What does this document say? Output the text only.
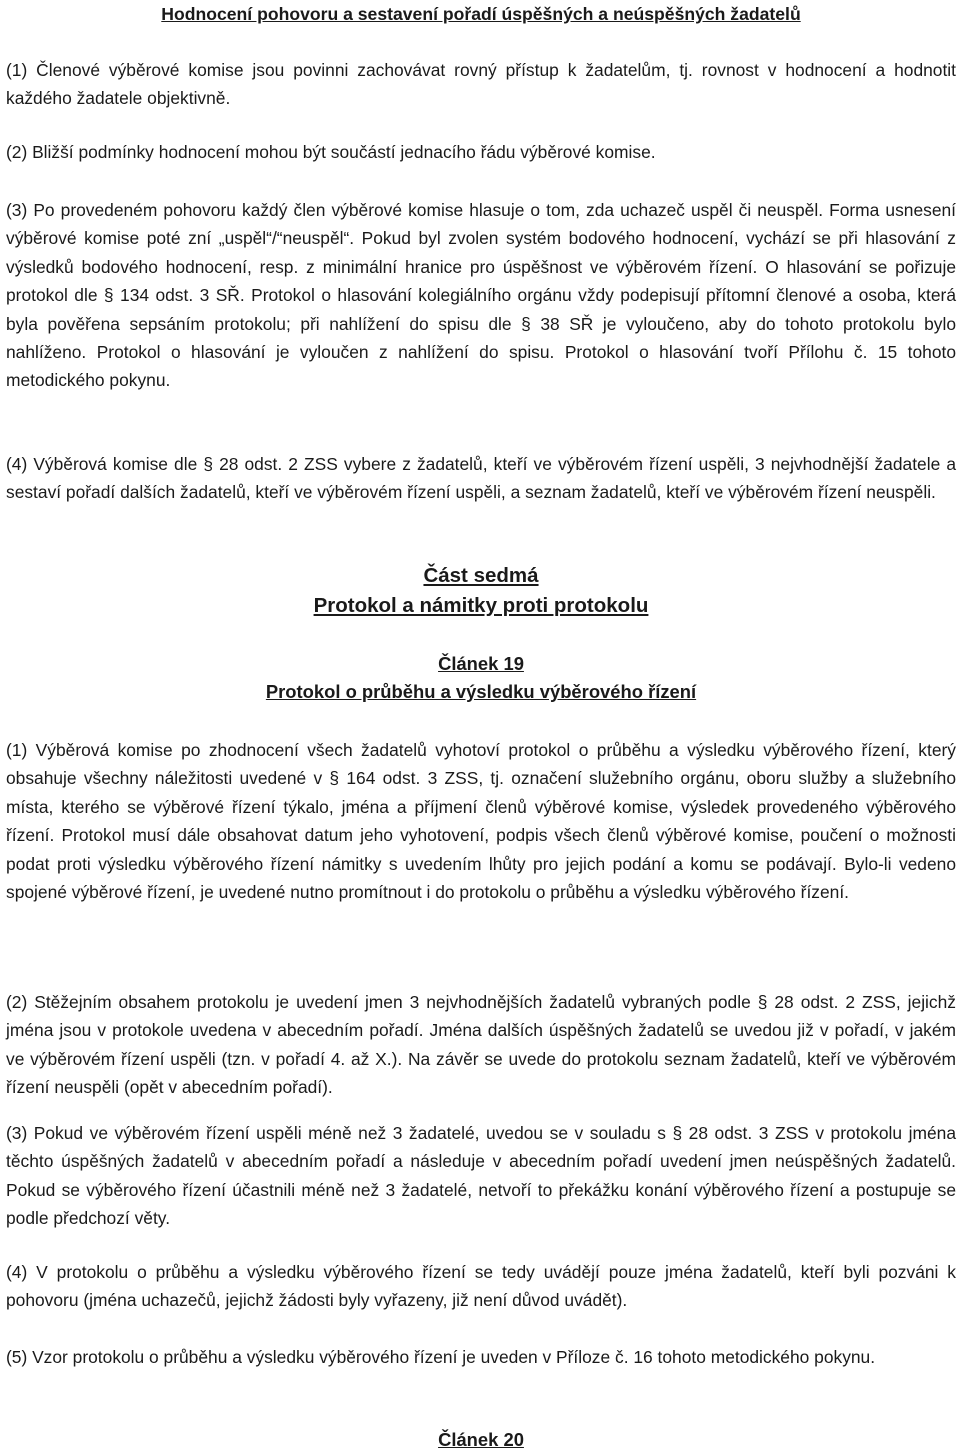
Hodnocení pohovoru a sestavení pořadí úspěšných a neúspěšných žadatelů

(1) Členové výběrové komise jsou povinni zachovávat rovný přístup k žadatelům, tj. rovnost v hodnocení a hodnotit každého žadatele objektivně.

(2) Bližší podmínky hodnocení mohou být součástí jednacího řádu výběrové komise.

(3) Po provedeném pohovoru každý člen výběrové komise hlasuje o tom, zda uchazeč uspěl či neuspěl. Forma usnesení výběrové komise poté zní „uspěl“/“neuspěl“. Pokud byl zvolen systém bodového hodnocení, vychází se při hlasování z výsledků bodového hodnocení, resp. z minimální hranice pro úspěšnost ve výběrovém řízení. O hlasování se pořizuje protokol dle § 134 odst. 3 SŘ. Protokol o hlasování kolegiálního orgánu vždy podepisují přítomní členové a osoba, která byla pověřena sepsáním protokolu; při nahlížení do spisu dle § 38 SŘ je vyloučeno, aby do tohoto protokolu bylo nahlíženo. Protokol o hlasování je vyloučen z nahlížení do spisu. Protokol o hlasování tvoří Přílohu č. 15 tohoto metodického pokynu.

(4) Výběrová komise dle § 28 odst. 2 ZSS vybere z žadatelů, kteří ve výběrovém řízení uspěli, 3 nejvhodnější žadatele a sestaví pořadí dalších žadatelů, kteří ve výběrovém řízení uspěli, a seznam žadatelů, kteří ve výběrovém řízení neuspěli.

Část sedmá

Protokol a námitky proti protokolu

Článek 19

Protokol o průběhu a výsledku výběrového řízení

(1) Výběrová komise po zhodnocení všech žadatelů vyhotoví protokol o průběhu a výsledku výběrového řízení, který obsahuje všechny náležitosti uvedené v § 164 odst. 3 ZSS, tj. označení služebního orgánu, oboru služby a služebního místa, kterého se výběrové řízení týkalo, jména a příjmení členů výběrové komise, výsledek provedeného výběrového řízení. Protokol musí dále obsahovat datum jeho vyhotovení, podpis všech členů výběrové komise, poučení o možnosti podat proti výsledku výběrového řízení námitky s uvedením lhůty pro jejich podání a komu se podávají. Bylo-li vedeno spojené výběrové řízení, je uvedené nutno promítnout i do protokolu o průběhu a výsledku výběrového řízení.

(2) Stěžejním obsahem protokolu je uvedení jmen 3 nejvhodnějších žadatelů vybraných podle § 28 odst. 2 ZSS, jejichž jména jsou v protokole uvedena v abecedním pořadí. Jména dalších úspěšných žadatelů se uvedou již v pořadí, v jakém ve výběrovém řízení uspěli (tzn. v pořadí 4. až X.). Na závěr se uvede do protokolu seznam žadatelů, kteří ve výběrovém řízení neuspěli (opět v abecedním pořadí).

(3) Pokud ve výběrovém řízení uspěli méně než 3 žadatelé, uvedou se v souladu s § 28 odst. 3 ZSS v protokolu jména těchto úspěšných žadatelů v abecedním pořadí a následuje v abecedním pořadí uvedení jmen neúspěšných žadatelů. Pokud se výběrového řízení účastnili méně než 3 žadatelé, netvoří to překážku konání výběrového řízení a postupuje se podle předchozí věty.

(4) V protokolu o průběhu a výsledku výběrového řízení se tedy uvádějí pouze jména žadatelů, kteří byli pozváni k pohovoru (jména uchazečů, jejichž žádosti byly vyřazeny, již není důvod uvádět).

(5) Vzor protokolu o průběhu a výsledku výběrového řízení je uveden v Příloze č. 16 tohoto metodického pokynu.

Článek 20
